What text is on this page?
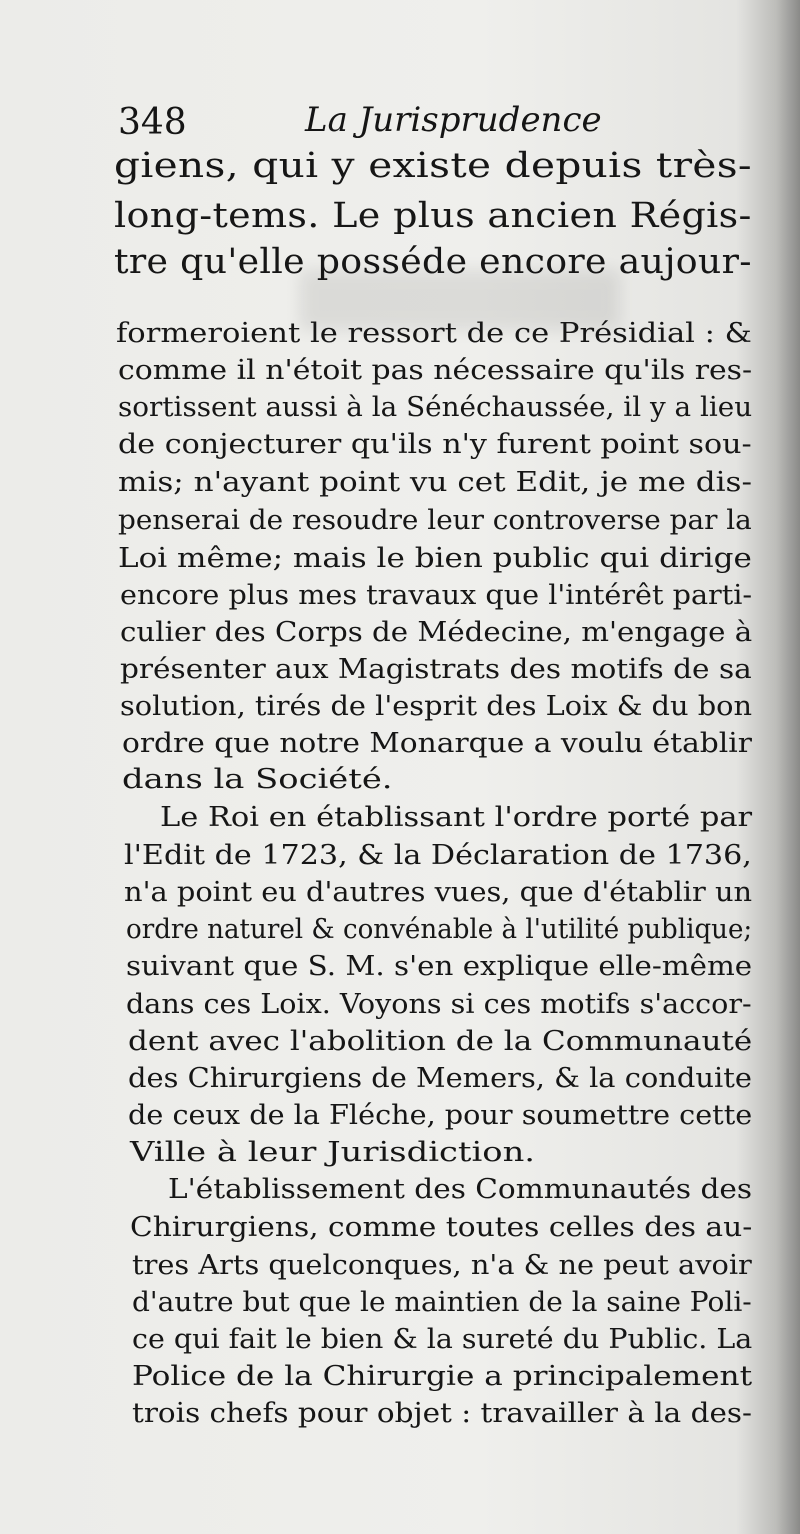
348	La Jurisprudence

giens, qui y existe depuis très-

long-tems. Le plus ancien Régis-

tre qu'elle posséde encore aujour-

formeroient le ressort de ce Présidial : &

comme il n'étoit pas nécessaire qu'ils res-

sortissent aussi à la Sénéchaussée, il y a lieu

de conjecturer qu'ils n'y furent point sou-

mis; n'ayant point vu cet Edit, je me dis-

penserai de resoudre leur controverse par la

Loi même; mais le bien public qui dirige

encore plus mes travaux que l'intérêt parti-

culier des Corps de Médecine, m'engage à

présenter aux Magistrats des motifs de sa

solution, tirés de l'esprit des Loix & du bon

ordre que notre Monarque a voulu établir

dans la Société.

Le Roi en établissant l'ordre porté par

l'Edit de 1723, & la Déclaration de 1736,

n'a point eu d'autres vues, que d'établir un

ordre naturel & convénable à l'utilité publique;

suivant que S. M. s'en explique elle-même

dans ces Loix. Voyons si ces motifs s'accor-

dent avec l'abolition de la Communauté

des Chirurgiens de Memers, & la conduite

de ceux de la Fléche, pour soumettre cette

Ville à leur Jurisdiction.

L'établissement des Communautés des

Chirurgiens, comme toutes celles des au-

tres Arts quelconques, n'a & ne peut avoir

d'autre but que le maintien de la saine Poli-

ce qui fait le bien & la sureté du Public. La

Police de la Chirurgie a principalement

trois chefs pour objet : travailler à la des-
